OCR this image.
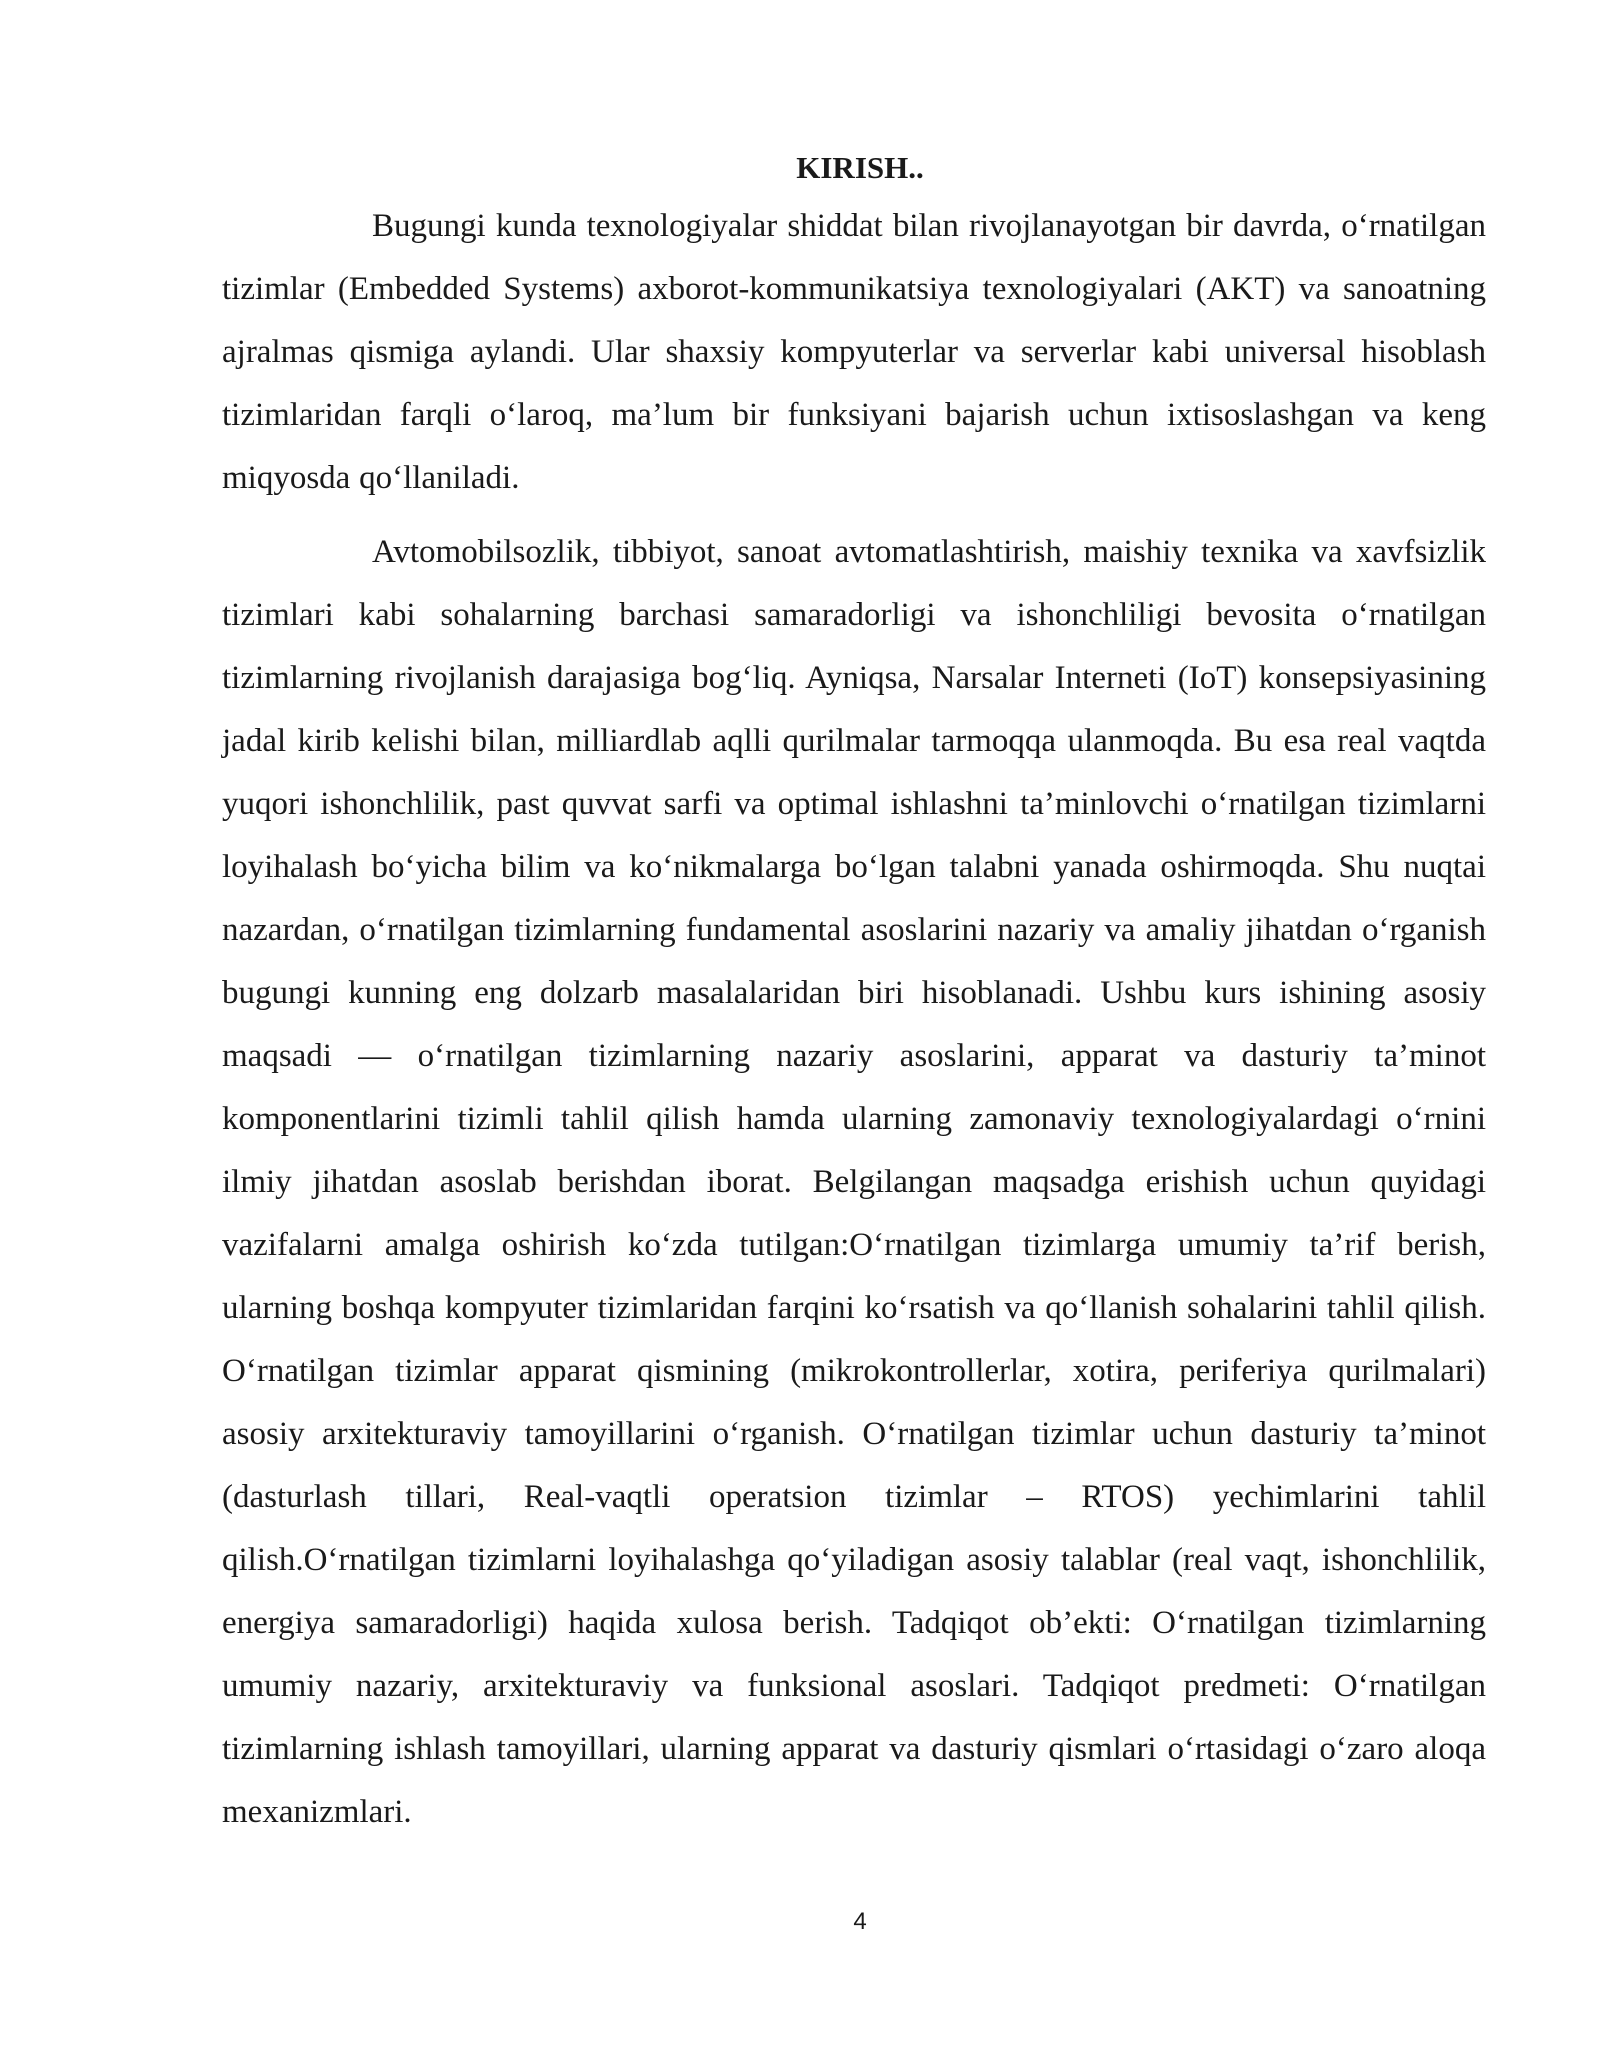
KIRISH..

Bugungi kunda texnologiyalar shiddat bilan rivojlanayotgan bir davrda, o‘rnatilgan tizimlar (Embedded Systems) axborot-kommunikatsiya texnologiyalari (AKT) va sanoatning ajralmas qismiga aylandi. Ular shaxsiy kompyuterlar va serverlar kabi universal hisoblash tizimlaridan farqli o‘laroq, ma’lum bir funksiyani bajarish uchun ixtisoslashgan va keng miqyosda qo‘llaniladi.

Avtomobilsozlik, tibbiyot, sanoat avtomatlashtirish, maishiy texnika va xavfsizlik tizimlari kabi sohalarning barchasi samaradorligi va ishonchliligi bevosita o‘rnatilgan tizimlarning rivojlanish darajasiga bog‘liq. Ayniqsa, Narsalar Interneti (IoT) konsepsiyasining jadal kirib kelishi bilan, milliardlab aqlli qurilmalar tarmoqqa ulanmoqda. Bu esa real vaqtda yuqori ishonchlilik, past quvvat sarfi va optimal ishlashni ta’minlovchi o‘rnatilgan tizimlarni loyihalash bo‘yicha bilim va ko‘nikmalarga bo‘lgan talabni yanada oshirmoqda. Shu nuqtai nazardan, o‘rnatilgan tizimlarning fundamental asoslarini nazariy va amaliy jihatdan o‘rganish bugungi kunning eng dolzarb masalalaridan biri hisoblanadi. Ushbu kurs ishining asosiy maqsadi — o‘rnatilgan tizimlarning nazariy asoslarini, apparat va dasturiy ta’minot komponentlarini tizimli tahlil qilish hamda ularning zamonaviy texnologiyalardagi o‘rnini ilmiy jihatdan asoslab berishdan iborat. Belgilangan maqsadga erishish uchun quyidagi vazifalarni amalga oshirish ko‘zda tutilgan:O‘rnatilgan tizimlarga umumiy ta’rif berish, ularning boshqa kompyuter tizimlaridan farqini ko‘rsatish va qo‘llanish sohalarini tahlil qilish. O‘rnatilgan tizimlar apparat qismining (mikrokontrollerlar, xotira, periferiya qurilmalari) asosiy arxitekturaviy tamoyillarini o‘rganish. O‘rnatilgan tizimlar uchun dasturiy ta’minot (dasturlash tillari, Real-vaqtli operatsion tizimlar – RTOS) yechimlarini tahlil qilish.O‘rnatilgan tizimlarni loyihalashga qo‘yiladigan asosiy talablar (real vaqt, ishonchlilik, energiya samaradorligi) haqida xulosa berish. Tadqiqot ob’ekti: O‘rnatilgan tizimlarning umumiy nazariy, arxitekturaviy va funksional asoslari. Tadqiqot predmeti: O‘rnatilgan tizimlarning ishlash tamoyillari, ularning apparat va dasturiy qismlari o‘rtasidagi o‘zaro aloqa mexanizmlari.

4
